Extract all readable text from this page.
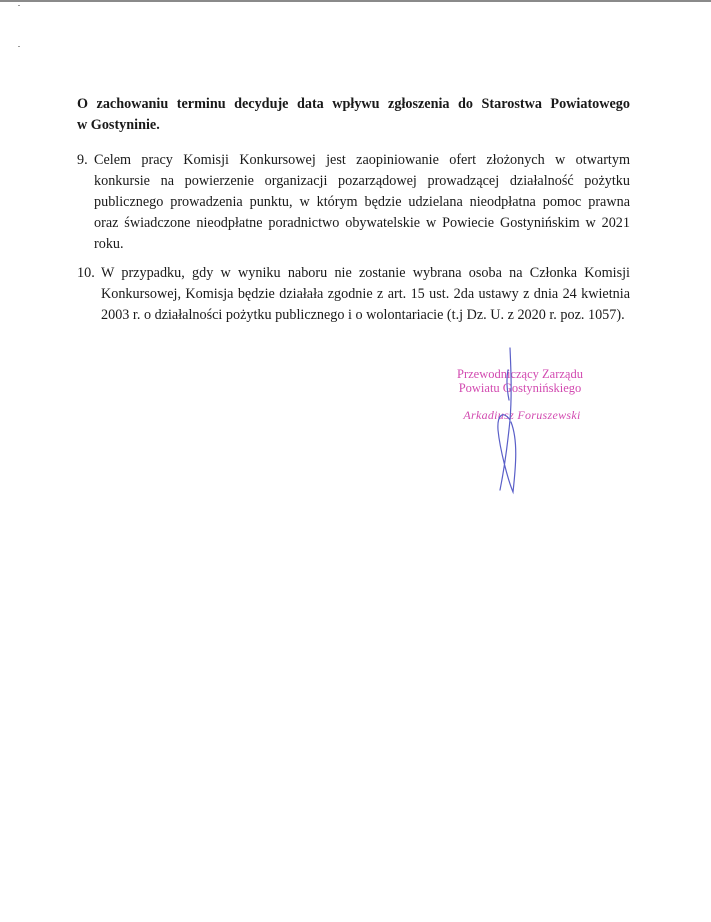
O zachowaniu terminu decyduje data wpływu zgłoszenia do Starostwa Powiatowego
w Gostyninie.
9. Celem pracy Komisji Konkursowej jest zaopiniowanie ofert złożonych w otwartym
konkursie na powierzenie organizacji pozarządowej prowadzącej działalność pożytku
publicznego prowadzenia punktu, w którym będzie udzielana nieodpłatna pomoc prawna
oraz świadczone nieodpłatne poradnictwo obywatelskie w Powiecie Gostynińskim w 2021
roku.
10. W przypadku, gdy w wyniku naboru nie zostanie wybrana osoba na Członka Komisji
Konkursowej, Komisja będzie działała zgodnie z art. 15 ust. 2da ustawy z dnia 24 kwietnia
2003 r. o działalności pożytku publicznego i o wolontariacie (t.j Dz. U. z 2020 r. poz. 1057).
Przewodniczący Zarządu
Powiatu Gostynińskiego
Arkadiusz Foruszewski
